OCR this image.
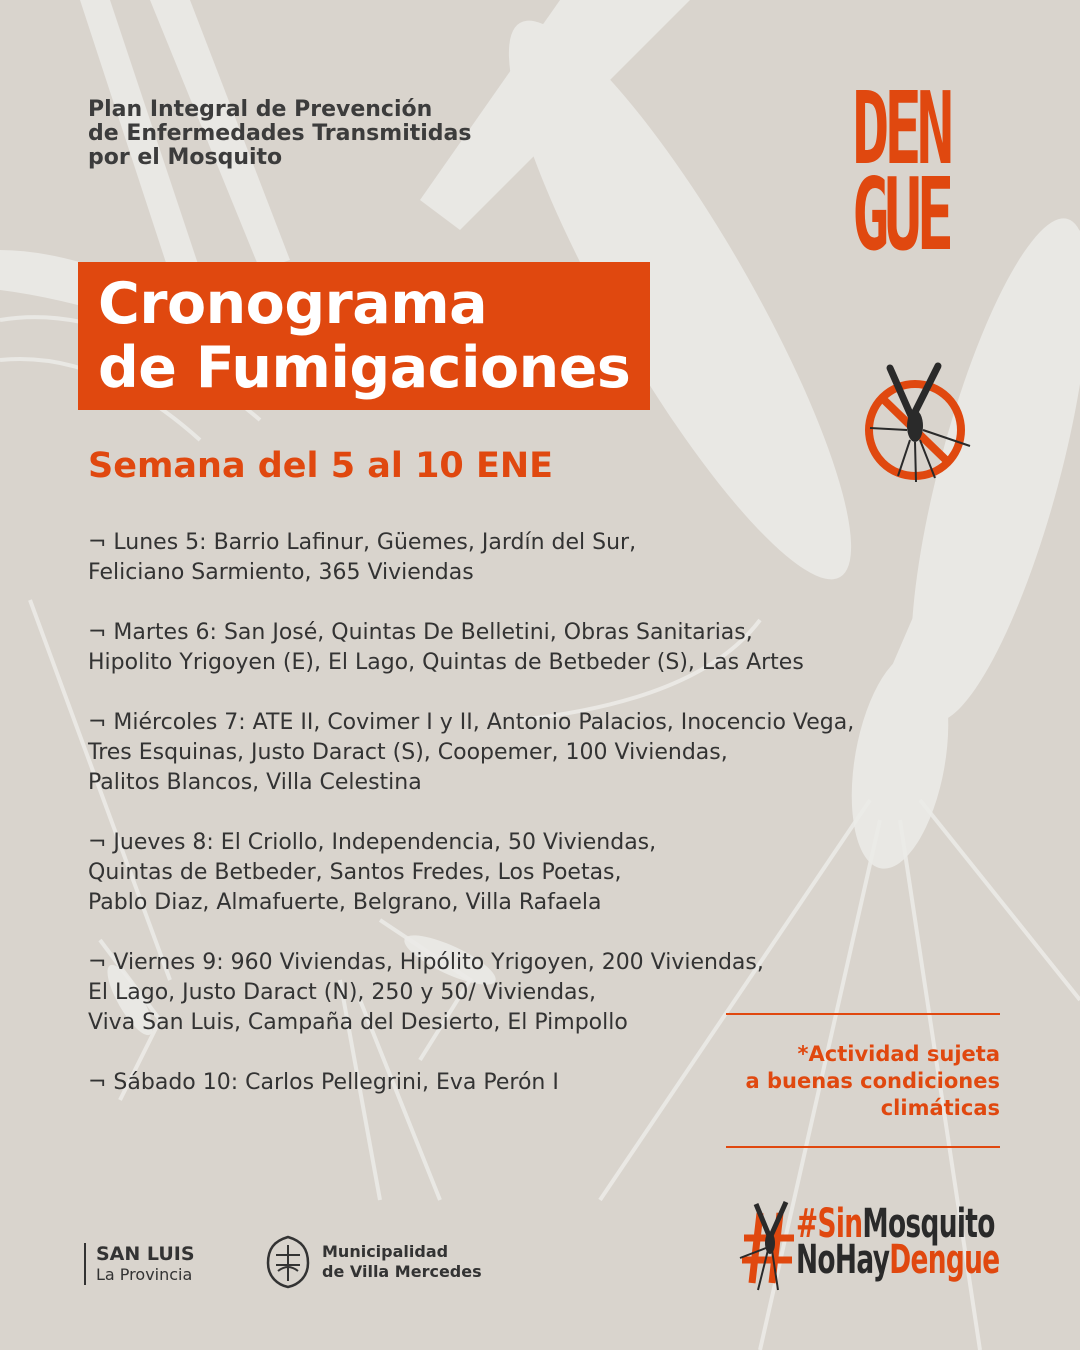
Plan Integral de Prevención
de Enfermedades Transmitidas
por el Mosquito
Cronograma
de Fumigaciones
Semana del 5 al 10 ENE
¬ Lunes 5: Barrio Lafinur, Güemes, Jardín del Sur,
Feliciano Sarmiento, 365 Viviendas
¬ Martes 6: San José, Quintas De Belletini, Obras Sanitarias,
Hipolito Yrigoyen (E), El Lago, Quintas de Betbeder (S), Las Artes
¬ Miércoles 7: ATE II, Covimer I y II, Antonio Palacios, Inocencio Vega,
Tres Esquinas, Justo Daract (S), Coopemer, 100 Viviendas,
Palitos Blancos, Villa Celestina
¬ Jueves 8: El Criollo, Independencia, 50 Viviendas,
Quintas de Betbeder, Santos Fredes, Los Poetas,
Pablo Diaz, Almafuerte, Belgrano, Villa Rafaela
¬ Viernes 9: 960 Viviendas, Hipólito Yrigoyen, 200 Viviendas,
El Lago, Justo Daract (N), 250 y 50/ Viviendas,
Viva San Luis, Campaña del Desierto, El Pimpollo
¬ Sábado 10: Carlos Pellegrini, Eva Perón I
DEN
GUE
*Actividad sujeta
a buenas condiciones
climáticas
SAN LUIS
La Provincia
Municipalidad
de Villa Mercedes
#SinMosquito
NoHayDengue
